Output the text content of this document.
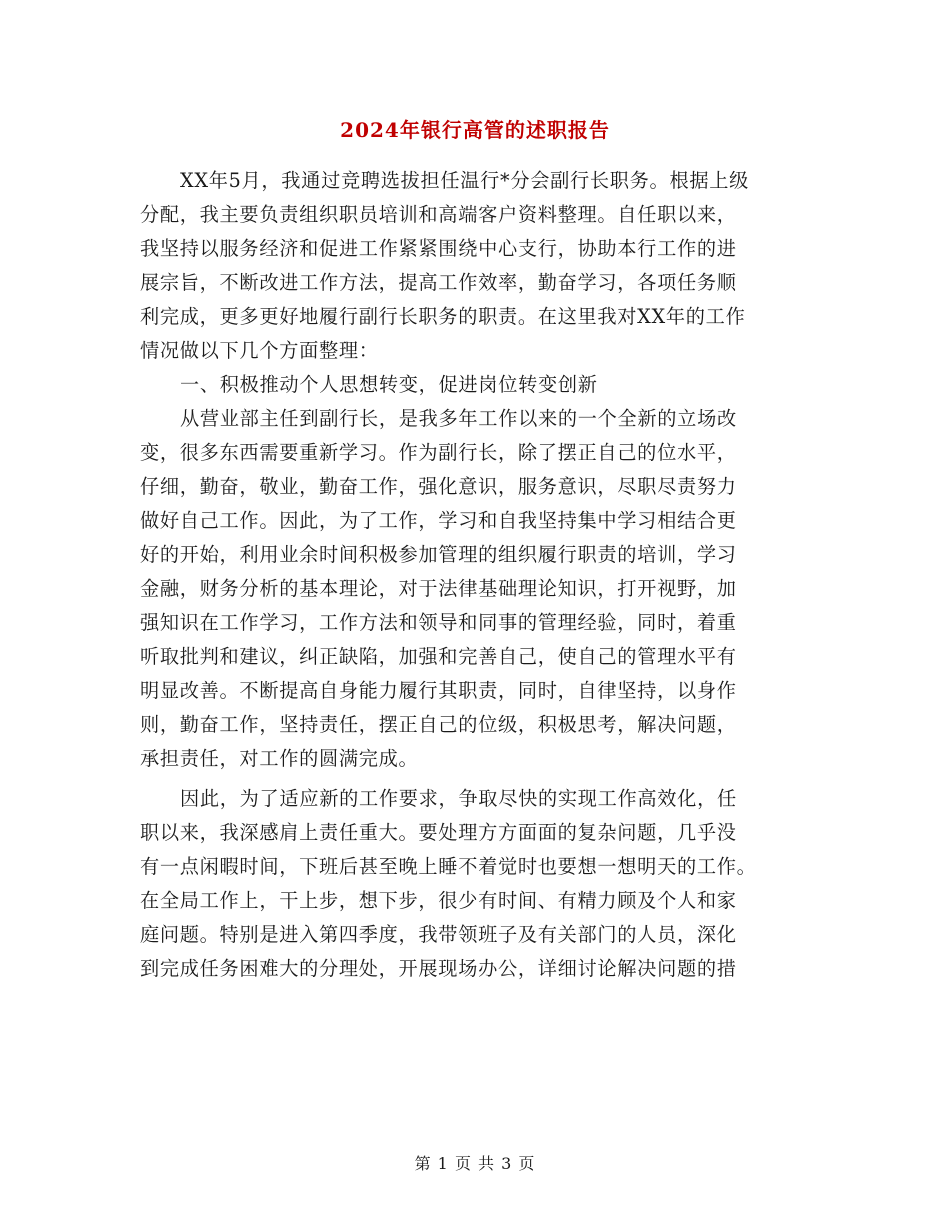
2024年银行高管的述职报告
XX年5月，我通过竞聘选拔担任温行*分会副行长职务。根据上级
分配，我主要负责组织职员培训和高端客户资料整理。自任职以来，
我坚持以服务经济和促进工作紧紧围绕中心支行，协助本行工作的进
展宗旨，不断改进工作方法，提高工作效率，勤奋学习，各项任务顺
利完成，更多更好地履行副行长职务的职责。在这里我对XX年的工作
情况做以下几个方面整理：
一、积极推动个人思想转变，促进岗位转变创新
从营业部主任到副行长，是我多年工作以来的一个全新的立场改
变，很多东西需要重新学习。作为副行长，除了摆正自己的位水平，
仔细，勤奋，敬业，勤奋工作，强化意识，服务意识，尽职尽责努力
做好自己工作。因此，为了工作，学习和自我坚持集中学习相结合更
好的开始，利用业余时间积极参加管理的组织履行职责的培训，学习
金融，财务分析的基本理论，对于法律基础理论知识，打开视野，加
强知识在工作学习，工作方法和领导和同事的管理经验，同时，着重
听取批判和建议，纠正缺陷，加强和完善自己，使自己的管理水平有
明显改善。不断提高自身能力履行其职责，同时，自律坚持，以身作
则，勤奋工作，坚持责任，摆正自己的位级，积极思考，解决问题，
承担责任，对工作的圆满完成。
因此，为了适应新的工作要求，争取尽快的实现工作高效化，任
职以来，我深感肩上责任重大。要处理方方面面的复杂问题，几乎没
有一点闲暇时间，下班后甚至晚上睡不着觉时也要想一想明天的工作。
在全局工作上，干上步，想下步，很少有时间、有精力顾及个人和家
庭问题。特别是进入第四季度，我带领班子及有关部门的人员，深化
到完成任务困难大的分理处，开展现场办公，详细讨论解决问题的措
第 1 页 共 3 页
